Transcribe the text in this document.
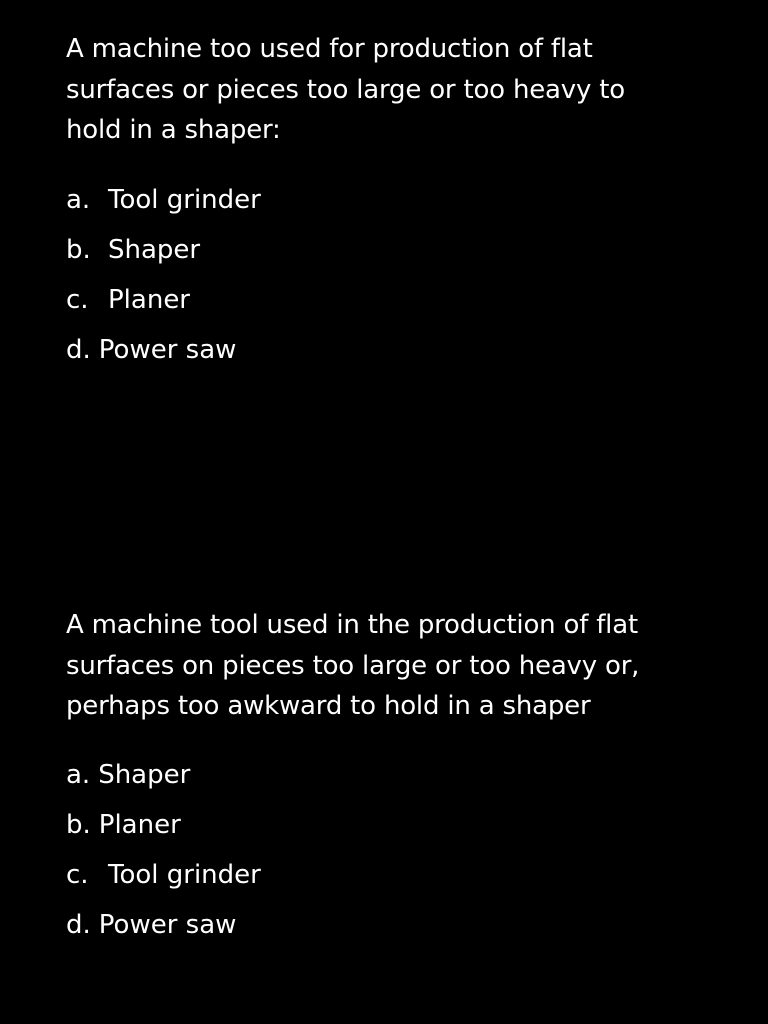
A machine too used for production of flat
surfaces or pieces too large or too heavy to
hold in a shaper:

a. Tool grinder
b. Shaper
c. Planer
d. Power saw

A machine tool used in the production of flat
surfaces on pieces too large or too heavy or,
perhaps too awkward to hold in a shaper

a. Shaper
b. Planer
c. Tool grinder
d. Power saw
